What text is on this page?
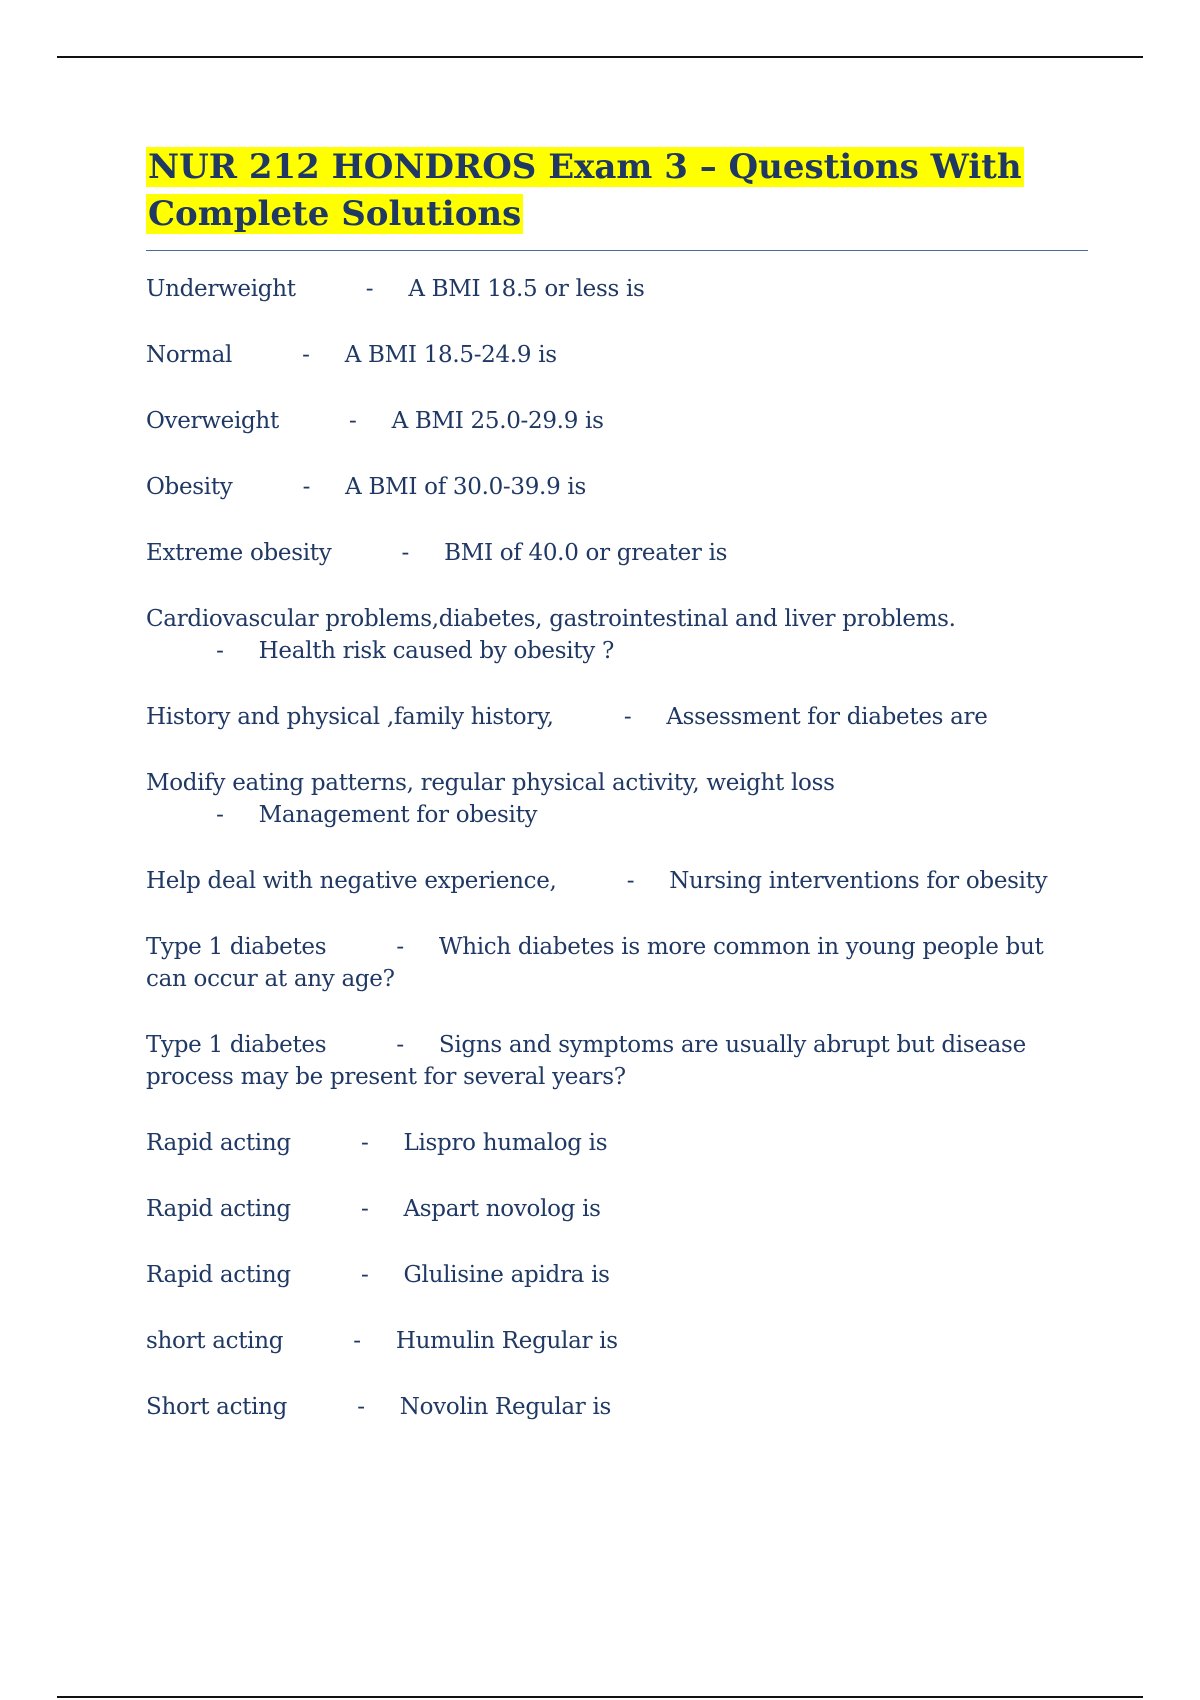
NUR 212 HONDROS Exam 3 – Questions With
Complete Solutions
Underweight	- A BMI 18.5 or less is
Normal	- A BMI 18.5-24.9 is
Overweight	- A BMI 25.0-29.9 is
Obesity	- A BMI of 30.0-39.9 is
Extreme obesity	- BMI of 40.0 or greater is
Cardiovascular problems,diabetes, gastrointestinal and liver problems.          - Health risk caused by obesity ?
History and physical ,family history,	- Assessment for diabetes are
Modify eating patterns, regular physical activity, weight loss          - Management for obesity
Help deal with negative experience,	- Nursing interventions for obesity
Type 1 diabetes	- Which diabetes is more common in young people but can occur at any age?
Type 1 diabetes	- Signs and symptoms are usually abrupt but disease process may be present for several years?
Rapid acting	- Lispro humalog is
Rapid acting	- Aspart novolog is
Rapid acting	- Glulisine apidra is
short acting	- Humulin Regular is
Short acting	- Novolin Regular is
